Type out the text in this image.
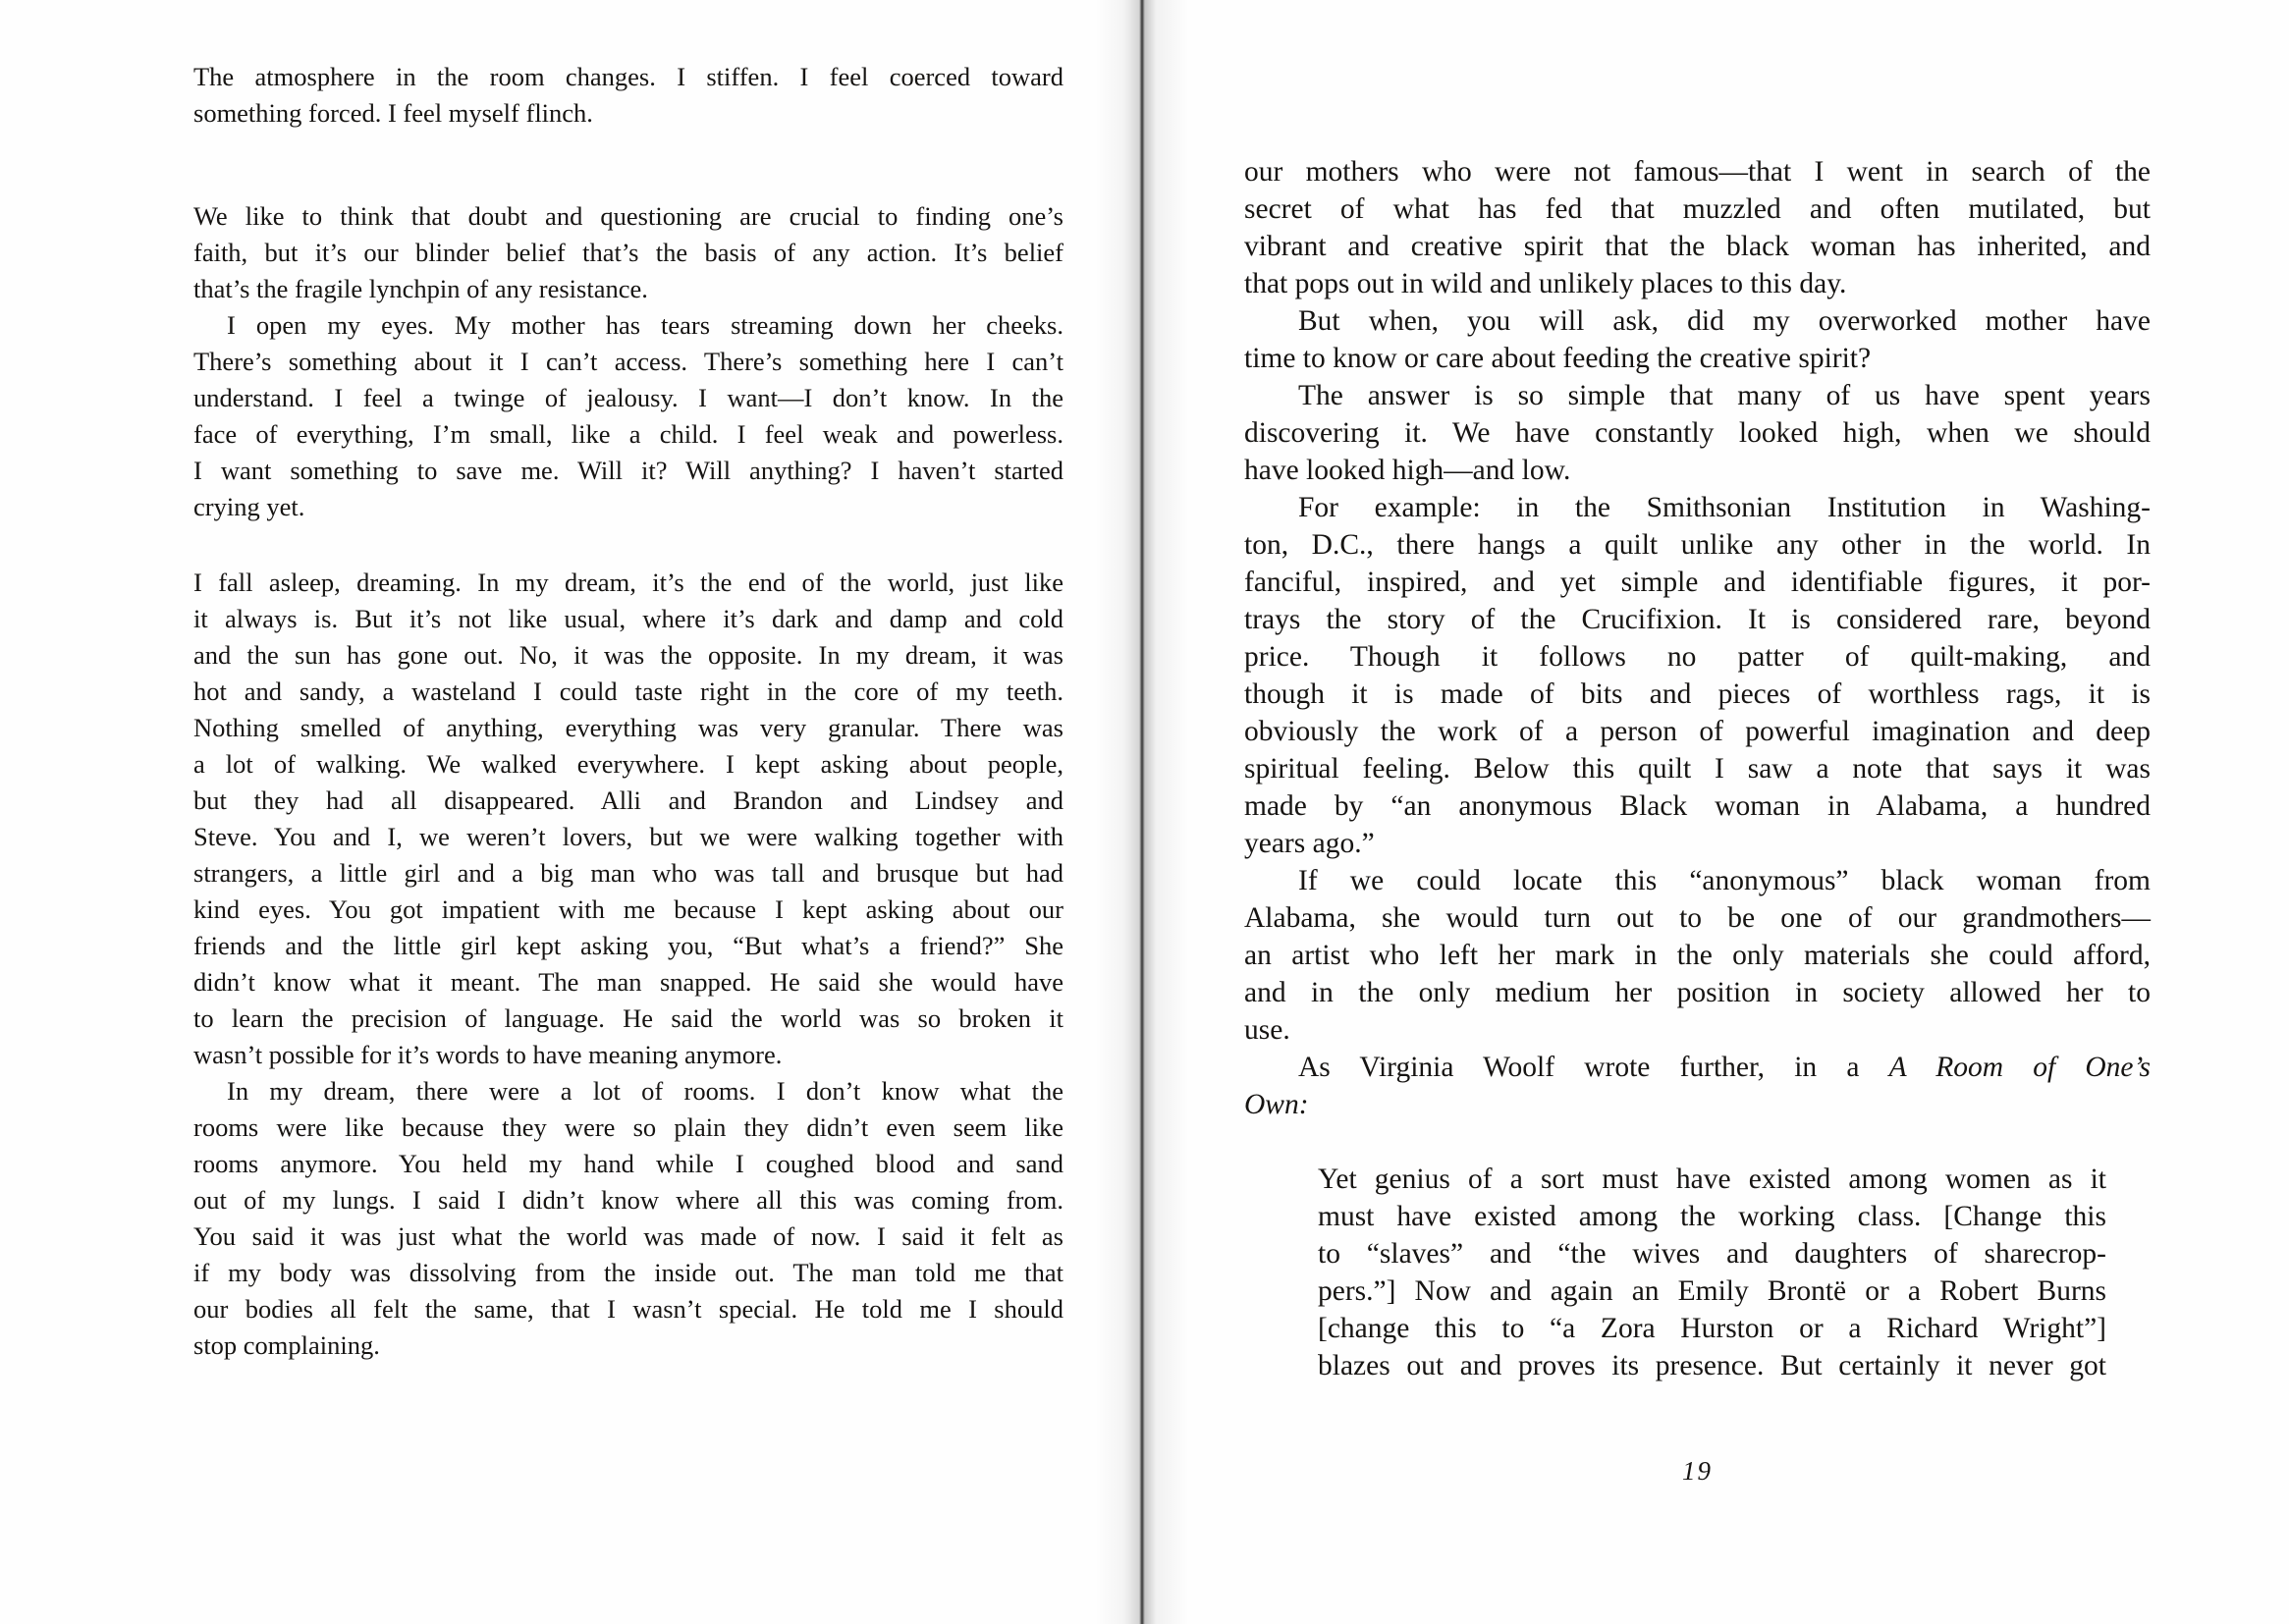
The atmosphere in the room changes. I stiffen. I feel coerced toward
something forced. I feel myself flinch.
We like to think that doubt and questioning are crucial to finding one’s
faith, but it’s our blinder belief that’s the basis of any action. It’s belief
that’s the fragile lynchpin of any resistance.
I open my eyes. My mother has tears streaming down her cheeks.
There’s something about it I can’t access. There’s something here I can’t
understand. I feel a twinge of jealousy. I want—I don’t know. In the
face of everything, I’m small, like a child. I feel weak and powerless.
I want something to save me. Will it? Will anything? I haven’t started
crying yet.
I fall asleep, dreaming. In my dream, it’s the end of the world, just like
it always is. But it’s not like usual, where it’s dark and damp and cold
and the sun has gone out. No, it was the opposite. In my dream, it was
hot and sandy, a wasteland I could taste right in the core of my teeth.
Nothing smelled of anything, everything was very granular. There was
a lot of walking. We walked everywhere. I kept asking about people,
but they had all disappeared. Alli and Brandon and Lindsey and
Steve. You and I, we weren’t lovers, but we were walking together with
strangers, a little girl and a big man who was tall and brusque but had
kind eyes. You got impatient with me because I kept asking about our
friends and the little girl kept asking you, “But what’s a friend?” She
didn’t know what it meant. The man snapped. He said she would have
to learn the precision of language. He said the world was so broken it
wasn’t possible for it’s words to have meaning anymore.
In my dream, there were a lot of rooms. I don’t know what the
rooms were like because they were so plain they didn’t even seem like
rooms anymore. You held my hand while I coughed blood and sand
out of my lungs. I said I didn’t know where all this was coming from.
You said it was just what the world was made of now. I said it felt as
if my body was dissolving from the inside out. The man told me that
our bodies all felt the same, that I wasn’t special. He told me I should
stop complaining.
our mothers who were not famous—that I went in search of the
secret of what has fed that muzzled and often mutilated, but
vibrant and creative spirit that the black woman has inherited, and
that pops out in wild and unlikely places to this day.
But when, you will ask, did my overworked mother have
time to know or care about feeding the creative spirit?
The answer is so simple that many of us have spent years
discovering it. We have constantly looked high, when we should
have looked high—and low.
For example: in the Smithsonian Institution in Washing-
ton, D.C., there hangs a quilt unlike any other in the world. In
fanciful, inspired, and yet simple and identifiable figures, it por-
trays the story of the Crucifixion. It is considered rare, beyond
price. Though it follows no patter of quilt-making, and
though it is made of bits and pieces of worthless rags, it is
obviously the work of a person of powerful imagination and deep
spiritual feeling. Below this quilt I saw a note that says it was
made by “an anonymous Black woman in Alabama, a hundred
years ago.”
If we could locate this “anonymous” black woman from
Alabama, she would turn out to be one of our grandmothers—
an artist who left her mark in the only materials she could afford,
and in the only medium her position in society allowed her to
use.
As Virginia Woolf wrote further, in a A Room of One’s
Own:
Yet genius of a sort must have existed among women as it
must have existed among the working class. [Change this
to “slaves” and “the wives and daughters of sharecrop-
pers.”] Now and again an Emily Brontë or a Robert Burns
[change this to “a Zora Hurston or a Richard Wright”]
blazes out and proves its presence. But certainly it never got
19
